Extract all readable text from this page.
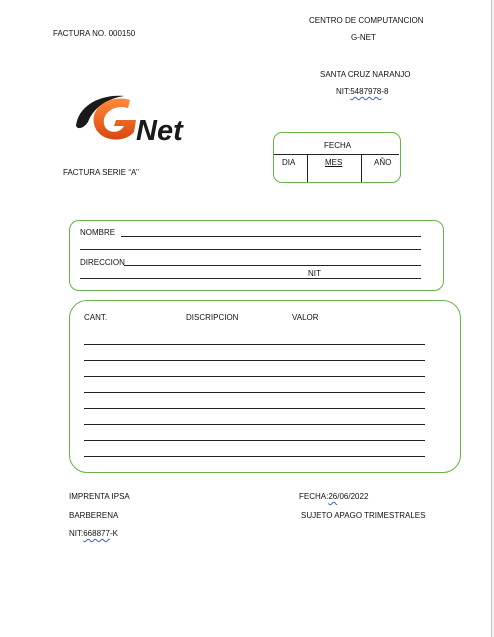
FACTURA NO. 000150
CENTRO DE COMPUTANCION
G-NET
SANTA CRUZ NARANJO
NIT:5487978-8
FACTURA SERIE “A’’
Net	FECHA
DIA	MES	AÑO
NOMBRE
DIRECCION
NIT
CANT.	DISCRIPCION	VALOR
IMPRENTA IPSA
BARBERENA
NIT:668877-K
FECHA:26/06/2022
SUJETO APAGO TRIMESTRALES
